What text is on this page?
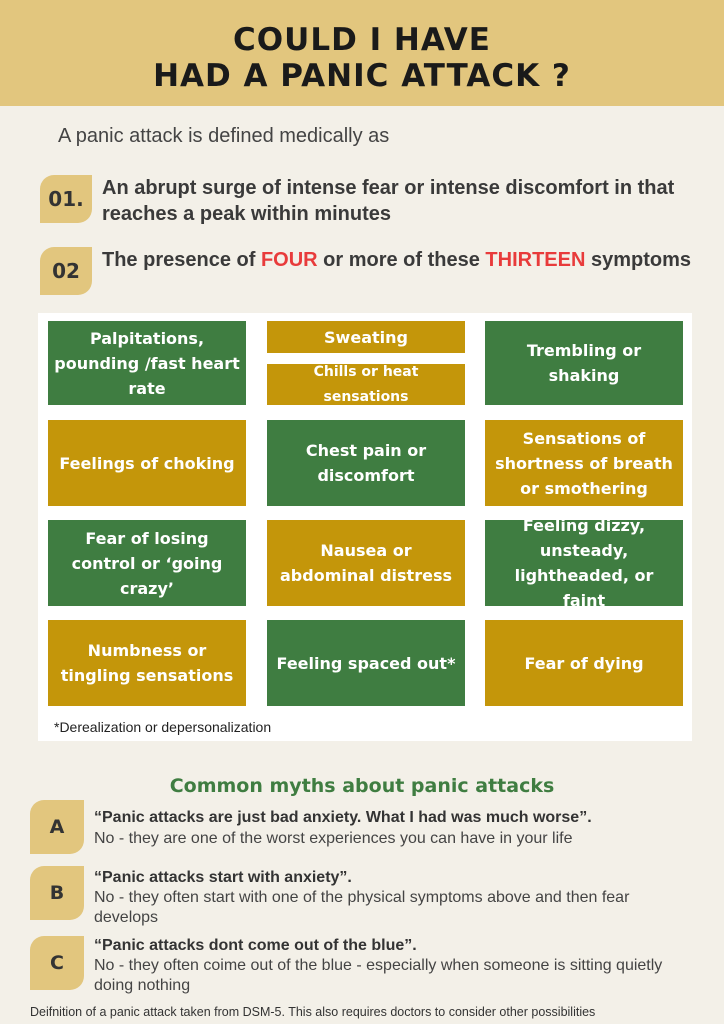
COULD I HAVE
HAD A PANIC ATTACK ?
A panic attack is defined medically as
01. An abrupt surge of intense fear or intense discomfort in that reaches a peak within minutes
02	The presence of FOUR or more of these THIRTEEN symptoms
Palpitations, pounding /fast heart rate
Sweating
Chills or heat sensations
Trembling or shaking
Feelings of choking
Chest pain or discomfort
Sensations of shortness of breath or smothering
Fear of losing control or ‘going crazy’
Nausea or abdominal distress
Feeling dizzy, unsteady, lightheaded, or faint
Numbness or tingling sensations
Feeling spaced out*	Fear of dying
*Derealization or depersonalization
Common myths about panic attacks
A	“Panic attacks are just bad anxiety. What I had was much worse”.
No - they are one of the worst experiences you can have in your life
B
“Panic attacks start with anxiety”.
No - they often start with one of the physical symptoms above and then fear develops
C
“Panic attacks dont come out of the blue”.
No - they often coime out of the blue - especially when someone is sitting quietly doing nothing
Deifnition of a panic attack taken from DSM-5. This also requires doctors to consider other possibilities
